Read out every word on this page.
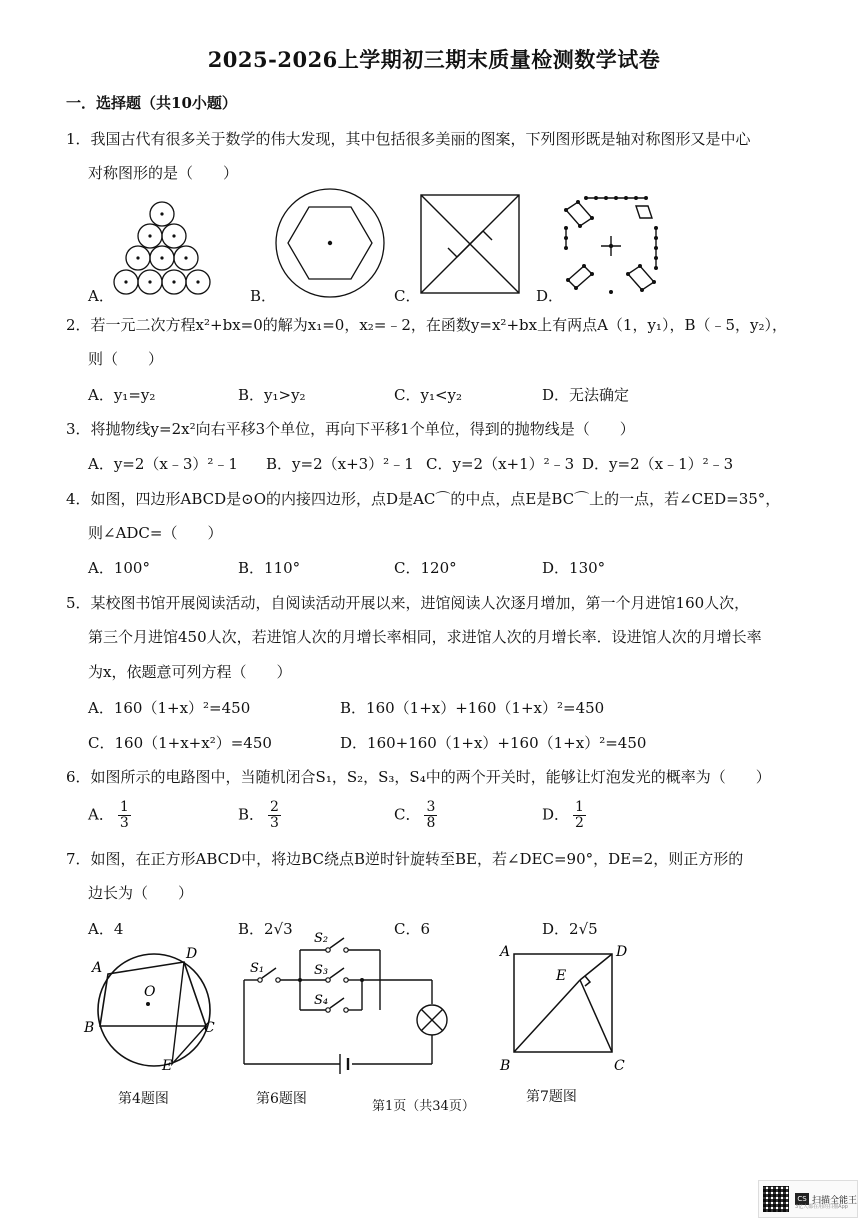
2025-2026上学期初三期末质量检测数学试卷
一．选择题（共10小题）
1．我国古代有很多关于数学的伟大发现，其中包括很多美丽的图案，下列图形既是轴对称图形又是中心
对称图形的是（　　）
A．	B．	C．	D．
2．若一元二次方程x²+bx=0的解为x₁=0，x₂=﹣2，在函数y=x²+bx上有两点A（1，y₁），B（﹣5，y₂），
则（　　）
A．y₁=y₂	B．y₁>y₂	C．y₁<y₂	D．无法确定
3．将抛物线y=2x²向右平移3个单位，再向下平移1个单位，得到的抛物线是（　　）
A．y=2（x﹣3）²﹣1 B．y=2（x+3）²﹣1 C．y=2（x+1）²﹣3 D．y=2（x﹣1）²﹣3
4．如图，四边形ABCD是⊙O的内接四边形，点D是AC⌒的中点，点E是BC⌒上的一点，若∠CED=35°，
则∠ADC=（　　）
A．100°	B．110°	C．120°	D．130°
5．某校图书馆开展阅读活动，自阅读活动开展以来，进馆阅读人次逐月增加，第一个月进馆160人次，
第三个月进馆450人次，若进馆人次的月增长率相同，求进馆人次的月增长率．设进馆人次的月增长率
为x，依题意可列方程（　　）
A．160（1+x）²=450	B．160（1+x）+160（1+x）²=450
C．160（1+x+x²）=450	D．160+160（1+x）+160（1+x）²=450
6．如图所示的电路图中，当随机闭合S₁，S₂，S₃，S₄中的两个开关时，能够让灯泡发光的概率为（　　）
A． $\frac{1}{3}$	B． $\frac{2}{3}$	C． $\frac{3}{8}$	D． $\frac{1}{2}$
7．如图，在正方形ABCD中，将边BC绕点B逆时针旋转至BE，若∠DEC=90°，DE=2，则正方形的
边长为（　　）
A．4	B．2√3	C．6	D．2√5
A
D
B	C
E
O
第4题图
S₁
S₂
S₃
S₄
第6题图	第1页（共34页）
A	D
E
B	C
第7题图
CS 扫描全能王
3亿人都在用的扫描App
